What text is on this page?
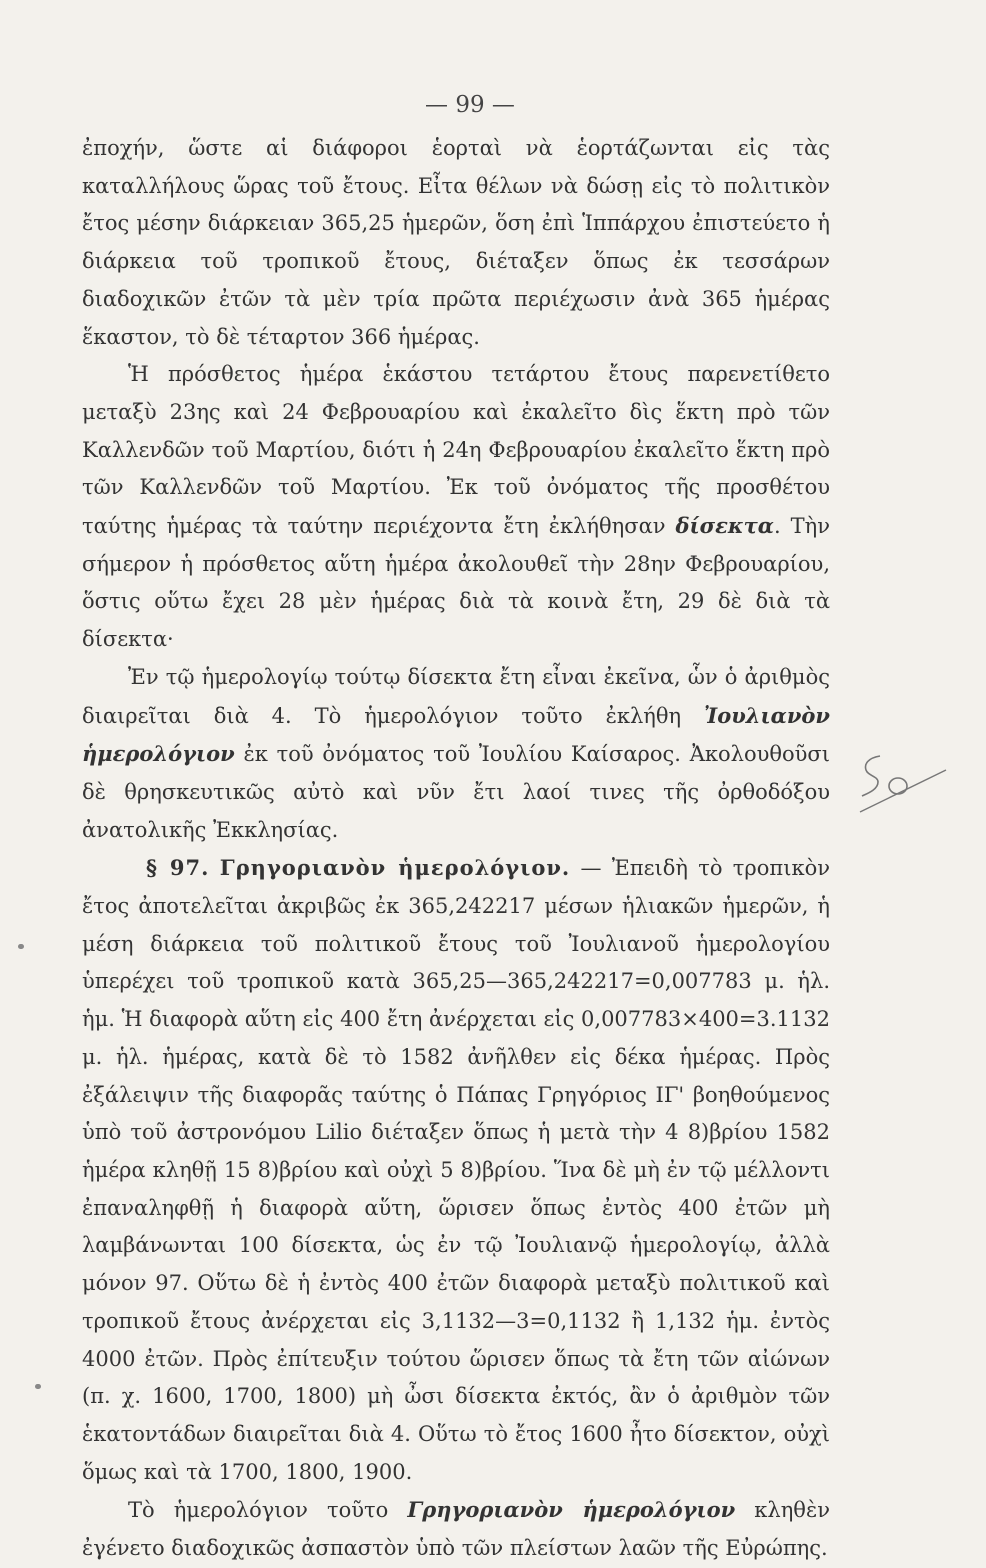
— 99 —

ἐποχήν, ὥστε αἱ διάφοροι ἑορταὶ νὰ ἑορτάζωνται εἰς τὰς καταλλήλους ὥρας τοῦ ἔτους. Εἶτα θέλων νὰ δώσῃ εἰς τὸ πολιτικὸν ἔτος μέσην διάρκειαν 365,25 ἡμερῶν, ὅση ἐπὶ Ἱππάρχου ἐπιστεύετο ἡ διάρκεια τοῦ τροπικοῦ ἔτους, διέταξεν ὅπως ἐκ τεσσάρων διαδοχικῶν ἐτῶν τὰ μὲν τρία πρῶτα περιέχωσιν ἀνὰ 365 ἡμέρας ἕκαστον, τὸ δὲ τέταρτον 366 ἡμέρας.

Ἡ πρόσθετος ἡμέρα ἑκάστου τετάρτου ἔτους παρενετίθετο μεταξὺ 23ης καὶ 24 Φεβρουαρίου καὶ ἐκαλεῖτο δὶς ἕκτη πρὸ τῶν Καλλενδῶν τοῦ Μαρτίου, διότι ἡ 24η Φεβρουαρίου ἐκαλεῖτο ἕκτη πρὸ τῶν Καλλενδῶν τοῦ Μαρτίου. Ἐκ τοῦ ὀνόματος τῆς προσθέτου ταύτης ἡμέρας τὰ ταύτην περιέχοντα ἔτη ἐκλήθησαν δίσεκτα. Τὴν σήμερον ἡ πρόσθετος αὕτη ἡμέρα ἀκολουθεῖ τὴν 28ην Φεβρουαρίου, ὅστις οὕτω ἔχει 28 μὲν ἡμέρας διὰ τὰ κοινὰ ἔτη, 29 δὲ διὰ τὰ δίσεκτα·

Ἐν τῷ ἡμερολογίῳ τούτῳ δίσεκτα ἔτη εἶναι ἐκεῖνα, ὧν ὁ ἀριθμὸς διαιρεῖται διὰ 4. Τὸ ἡμερολόγιον τοῦτο ἐκλήθη Ἰουλιανὸν ἡμερολόγιον ἐκ τοῦ ὀνόματος τοῦ Ἰουλίου Καίσαρος. Ἀκολουθοῦσι δὲ θρησκευτικῶς αὐτὸ καὶ νῦν ἔτι λαοί τινες τῆς ὀρθοδόξου ἀνατολικῆς Ἐκκλησίας.

§ 97. Γρηγοριανὸν ἡμερολόγιον. — Ἐπειδὴ τὸ τροπικὸν ἔτος ἀποτελεῖται ἀκριβῶς ἐκ 365,242217 μέσων ἡλιακῶν ἡμερῶν, ἡ μέση διάρκεια τοῦ πολιτικοῦ ἔτους τοῦ Ἰουλιανοῦ ἡμερολογίου ὑπερέχει τοῦ τροπικοῦ κατὰ 365,25—365,242217=0,007783 μ. ἡλ. ἡμ. Ἡ διαφορὰ αὕτη εἰς 400 ἔτη ἀνέρχεται εἰς 0,007783×400=3.1132 μ. ἡλ. ἡμέρας, κατὰ δὲ τὸ 1582 ἀνῆλθεν εἰς δέκα ἡμέρας. Πρὸς ἐξάλειψιν τῆς διαφορᾶς ταύτης ὁ Πάπας Γρηγόριος ΙΓ' βοηθούμενος ὑπὸ τοῦ ἀστρονόμου Lilio διέταξεν ὅπως ἡ μετὰ τὴν 4 8)βρίου 1582 ἡμέρα κληθῇ 15 8)βρίου καὶ οὐχὶ 5 8)βρίου. Ἵνα δὲ μὴ ἐν τῷ μέλλοντι ἐπαναληφθῇ ἡ διαφορὰ αὕτη, ὥρισεν ὅπως ἐντὸς 400 ἐτῶν μὴ λαμβάνωνται 100 δίσεκτα, ὡς ἐν τῷ Ἰουλιανῷ ἡμερολογίῳ, ἀλλὰ μόνον 97. Οὕτω δὲ ἡ ἐντὸς 400 ἐτῶν διαφορὰ μεταξὺ πολιτικοῦ καὶ τροπικοῦ ἔτους ἀνέρχεται εἰς 3,1132—3=0,1132 ἢ 1,132 ἡμ. ἐντὸς 4000 ἐτῶν. Πρὸς ἐπίτευξιν τούτου ὥρισεν ὅπως τὰ ἔτη τῶν αἰώνων (π. χ. 1600, 1700, 1800) μὴ ὦσι δίσεκτα ἐκτός, ἂν ὁ ἀριθμὸν τῶν ἑκατοντάδων διαιρεῖται διὰ 4. Οὕτω τὸ ἔτος 1600 ἦτο δίσεκτον, οὐχὶ ὅμως καὶ τὰ 1700, 1800, 1900.

Τὸ ἡμερολόγιον τοῦτο Γρηγοριανὸν ἡμερολόγιον κληθὲν ἐγένετο διαδοχικῶς ἀσπαστὸν ὑπὸ τῶν πλείστων λαῶν τῆς Εὐρώπης.
